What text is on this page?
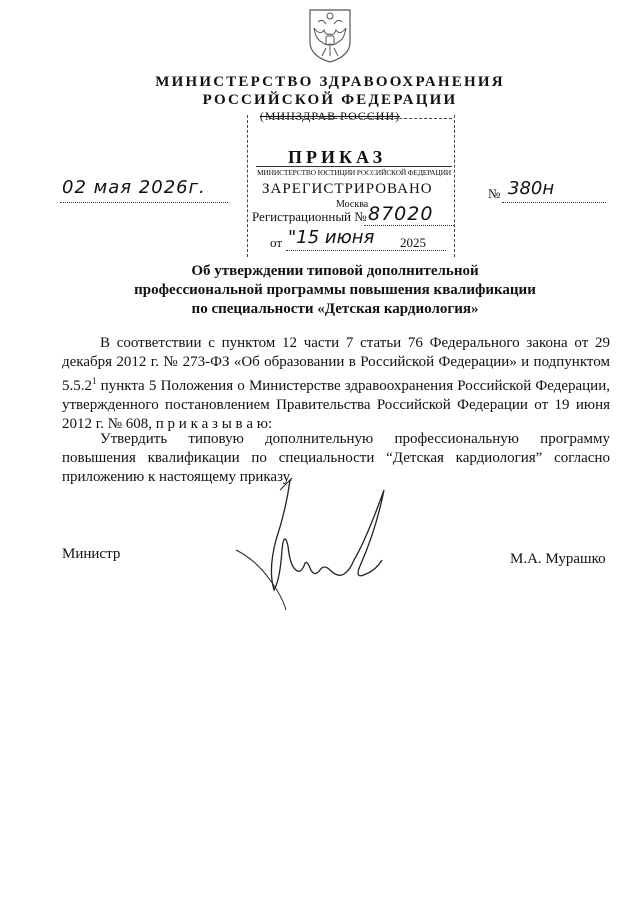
МИНИСТЕРСТВО ЗДРАВООХРАНЕНИЯ
РОССИЙСКОЙ ФЕДЕРАЦИИ
(МИНЗДРАВ РОССИИ)
ПРИКАЗ
МИНИСТЕРСТВО ЮСТИЦИИ РОССИЙСКОЙ ФЕДЕРАЦИИ
ЗАРЕГИСТРИРОВАНО
Москва
Регистрационный № 87020
от "15 июня 2025
02 мая 2026г.	№ 380н
Об утверждении типовой дополнительной
профессиональной программы повышения квалификации
по специальности «Детская кардиология»
В соответствии с пунктом 12 части 7 статьи 76 Федерального закона от 29 декабря 2012 г. № 273-ФЗ «Об образовании в Российской Федерации» и подпунктом 5.5.2$^1$ пункта 5 Положения о Министерстве здравоохранения Российской Федерации, утвержденного постановлением Правительства Российской Федерации от 19 июня 2012 г. № 608, п р и к а з ы в а ю:
Утвердить типовую дополнительную профессиональную программу повышения квалификации по специальности “Детская кардиология” согласно приложению к настоящему приказу.
Министр	М.А. Мурашко
